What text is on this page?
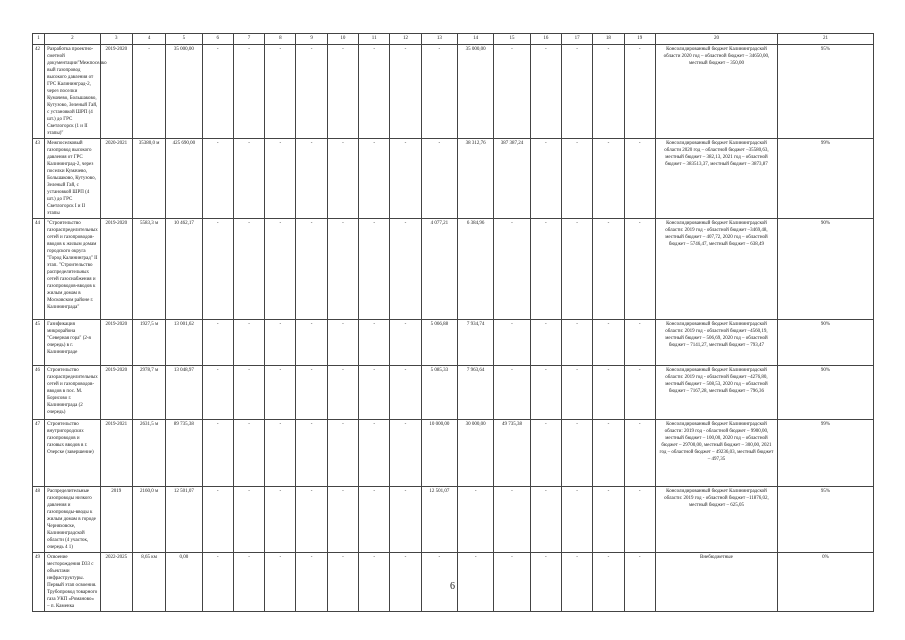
1	2	3	4	5	6	7	8	9	10	11	12	13	14	15	16	17	18	19	20	21
42	Разработка проектно-сметной документации"Межпоселко вый газопровод высокого давления от ГРС Калининград-2, через поселки Кумачево, Большаково, Кутузово, Зеленый Гай, с установкой ШРП (4 шт.) до ГРС Светлогорск (1 и II этапы)"	2019-2020	-	35 000,00	-	-	-	-	-	-	-	-	35 000,00	-	-	-	-	-	Консолидированный бюджет Калининградской области 2020 год – областной бюджет – 34650,00, местный бюджет – 350,00	95%
43	Межпоселковый газопровод высокого давления от ГРС Калининград-2, через поселки Кумачево, Большаково, Кутузово, Зеленый Гай, с установкой ШРП (4 шт.) до ГРС Светлогорск I и II этапы	2020-2021	35380,0 м	425 690,00	-	-	-	-	-	-	-	-	38 312,76	387 387,24	-	-	-	-	Консолидированный бюджет Калининградской области 2020 год – областной бюджет –35580,63, местный бюджет – 382,13, 2021 год – областной бюджет – 383513,37, местный бюджет – 3873,87	99%
44	"Строительство газораспределительных сетей и газопроводов-вводов к жилым домам городского округа "Город Калининград" II этап. "Строительство распределительных сетей газоснабжения и газопроводов-вводов к жилым домам в Московском районе г. Калининграда"	2019-2020	5583,3 м	10 462,17	-	-	-	-	-	-	-	4 077,21	6 384,96	-	-	-	-	-	Консолидированный бюджет Калининградской области: 2019 год - областной бюджет –3469,48, местный бюджет – 407,72, 2020 год – областной бюджет – 5746,47, местный бюджет – 638,49	90%
45	Газификация микрорайона "Северная гора" (2-я очередь) в г. Калининграде	2019-2020	1927,5 м	13 001,62	-	-	-	-	-	-	-	5 066,88	7 934,74	-	-	-	-	-	Консолидированный бюджет Калининградской области: 2019 год - областной бюджет –4560,19, местный бюджет – 506,69, 2020 год – областной бюджет – 7141,27, местный бюджет – 793,47	90%
46	Строительство газораспределительных сетей и газопроводов-вводов в пос. М. Борисово г. Калининграда (2 очередь)	2019-2020	2978,7 м	13 048,97	-	-	-	-	-	-	-	5 085,33	7 963,64	-	-	-	-	-	Консолидированный бюджет Калининградской области: 2019 год - областной бюджет –4276,80, местный бюджет – 508,53, 2020 год – областной бюджет – 7167,28, местный бюджет – 796,36	90%
47	Строительство внутригородских газопроводов и газовых вводов в г. Озерске (завершение)	2019-2021	2631,5 м	89 735,38	-	-	-	-	-	-	-	10 000,00	30 000,00	49 735,38	-	-	-	-	Консолидированный бюджет Калининградской области: 2019 год - областной бюджет – 9900,00, местный бюджет – 100,00, 2020 год – областной бюджет – 29700,00, местный бюджет – 300,00, 2021 год – областной бюджет – 49236,03, местный бюджет – 497,35	99%
48	Распределительные газопроводы низкого давления и газопроводы-вводы к жилым домам в городе Черняховске, Калининградской области (4 участок, очередь 4 1)	2019	2160,0 м	12 501,07	-	-	-	-	-	-	-	12 501,07	-	-	-	-	-	-	Консолидированный бюджет Калининградской области: 2019 год - областной бюджет –11876,02, местный бюджет – 625,05	95%
49	Освоение месторождения D33 с объектами инфраструктуры. Первый этап освоения. Трубопровод товарного газа УКП «Романово» – п. Каменка	2022-2025	8,65 км	0,00	-	-	-	-	-	-	-	-	-	-	-	-	-	-	Внебюджетные	0%
6
